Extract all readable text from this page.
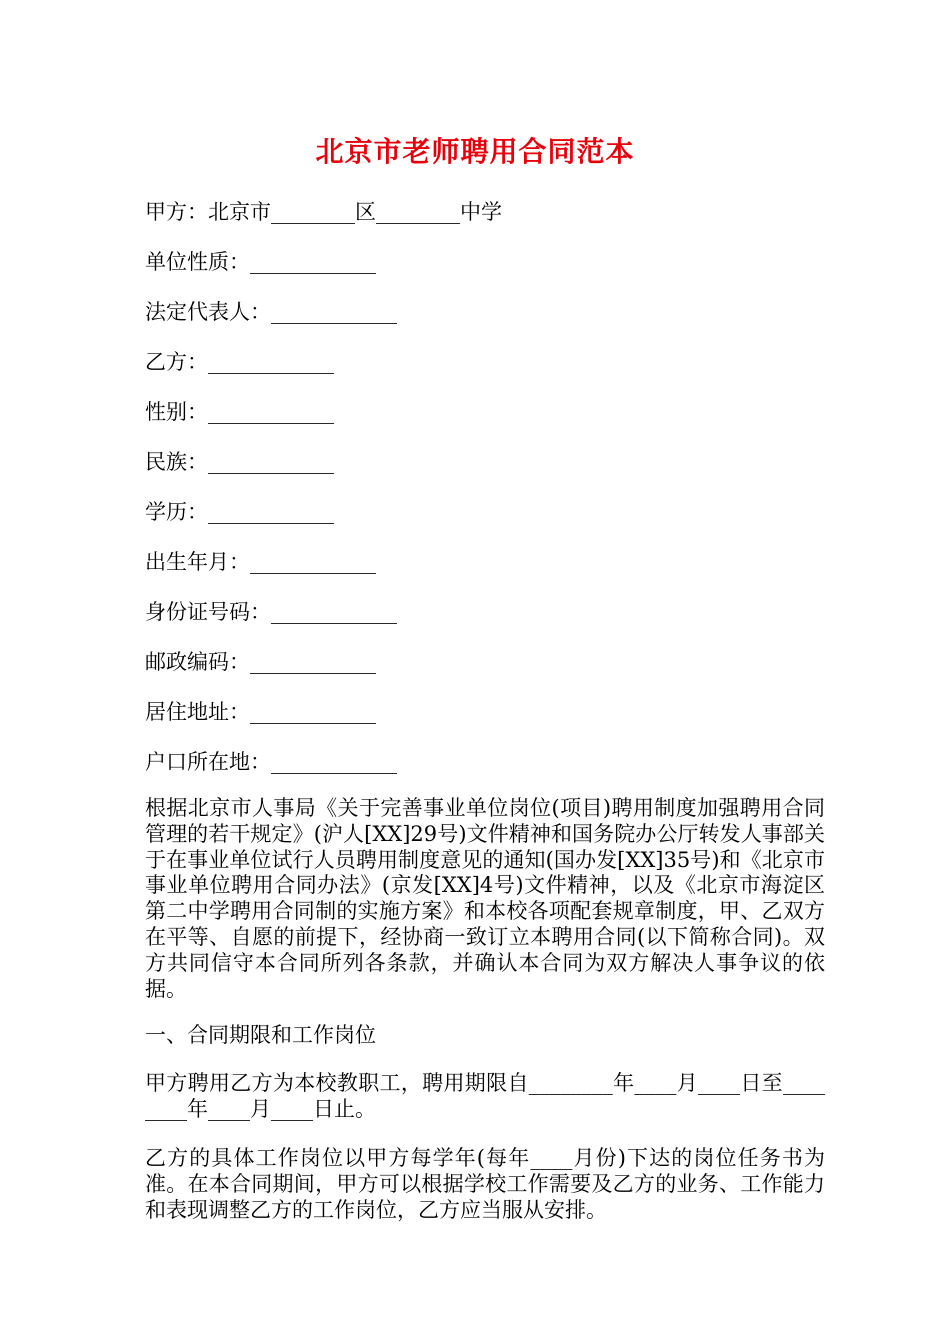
北京市老师聘用合同范本
甲方：北京市________区________中学
单位性质：____________
法定代表人：____________
乙方：____________
性别：____________
民族：____________
学历：____________
出生年月：____________
身份证号码：____________
邮政编码：____________
居住地址：____________
户口所在地：____________
根据北京市人事局《关于完善事业单位岗位(项目)聘用制度加强聘用合同管理的若干规定》(沪人[XX]29号)文件精神和国务院办公厅转发人事部关于在事业单位试行人员聘用制度意见的通知(国办发[XX]35号)和《北京市事业单位聘用合同办法》(京发[XX]4号)文件精神，以及《北京市海淀区第二中学聘用合同制的实施方案》和本校各项配套规章制度，甲、乙双方在平等、自愿的前提下，经协商一致订立本聘用合同(以下简称合同)。双方共同信守本合同所列各条款，并确认本合同为双方解决人事争议的依据。
一、合同期限和工作岗位
甲方聘用乙方为本校教职工，聘用期限自________年____月____日至________年____月____日止。
乙方的具体工作岗位以甲方每学年(每年____月份)下达的岗位任务书为准。在本合同期间，甲方可以根据学校工作需要及乙方的业务、工作能力和表现调整乙方的工作岗位，乙方应当服从安排。
